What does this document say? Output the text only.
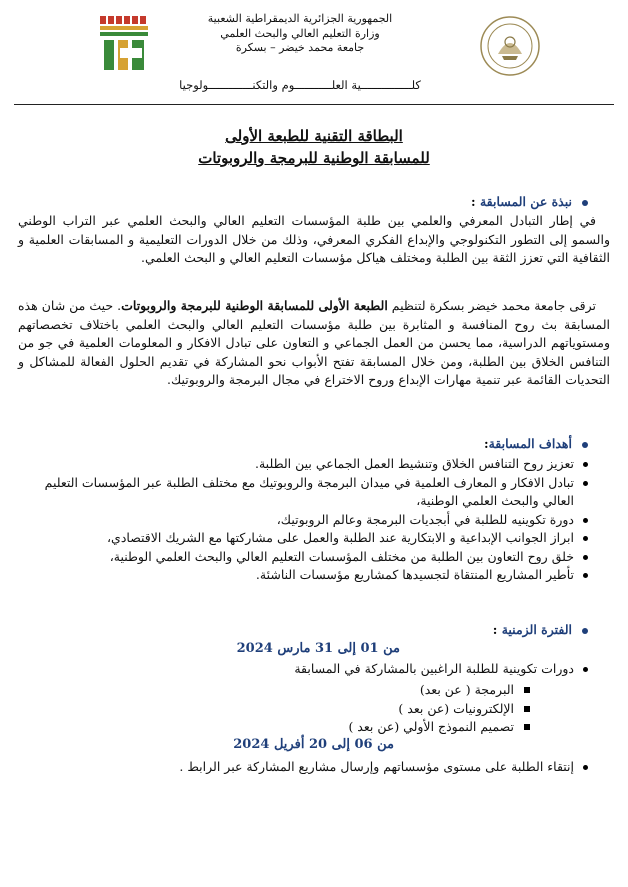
الجمهورية الجزائرية الديمقراطية الشعبية
وزارة التعليم العالي والبحث العلمي
جامعة محمد خيضر – بسكرة
كلـــــــــــــــية العلـــــــــــوم والتكنـــــــــــــولوجيا
البطاقة التقنية للطبعة الأولى
للمسابقة الوطنية للبرمجة والروبوتات
نبذة عن المسابقة :
في إطار التبادل المعرفي والعلمي بين طلبة المؤسسات التعليم العالي والبحث العلمي عبر التراب الوطني والسمو إلى التطور التكنولوجي والإبداع الفكري المعرفي، وذلك من خلال الدورات التعليمية و المسابقات العلمية و الثقافية التي تعزز الثقة بين الطلبة ومختلف هياكل مؤسسات التعليم العالي و البحث العلمي.
ترقى جامعة محمد خيضر بسكرة لتنظيم الطبعة الأولى للمسابقة الوطنية للبرمجة والروبوتات. حيث من شان هذه المسابقة بث روح المنافسة و المثابرة بين طلبة مؤسسات التعليم العالي والبحث العلمي باختلاف تخصصاتهم ومستوياتهم الدراسية، مما يحسن من العمل الجماعي و التعاون على تبادل الافكار و المعلومات العلمية في جو من التنافس الخلاق بين الطلبة، ومن خلال المسابقة تفتح الأبواب نحو المشاركة في تقديم الحلول الفعالة للمشاكل و التحديات القائمة عبر تنمية مهارات الإبداع وروح الاختراع في مجال البرمجة والروبوتيك.
أهداف المسابقة:
تعزيز روح التنافس الخلاق وتنشيط العمل الجماعي بين الطلبة.
تبادل الافكار و المعارف العلمية في ميدان البرمجة والروبوتيك مع مختلف الطلبة عبر المؤسسات التعليم العالي والبحث العلمي الوطنية،
دورة تكوينيه للطلبة في أبجديات البرمجة وعالم الروبوتيك،
ابراز الجوانب الإبداعية و الابتكارية عند الطلبة والعمل على مشاركتها مع الشريك الاقتصادي،
خلق روح التعاون بين الطلبة من مختلف المؤسسات التعليم العالي والبحث العلمي الوطنية،
تأطير المشاريع المنتقاة لتجسيدها كمشاريع مؤسسات الناشئة.
الفترة الزمنية :
من 01 إلى 31 مارس 2024
دورات تكوينية للطلبة الراغبين بالمشاركة في المسابقة
البرمجة ( عن بعد)
الإلكترونيات (عن بعد )
تصميم النموذج الأولي (عن بعد )
من 06 إلى 20 أفريل 2024
إنتقاء الطلبة على مستوى مؤسساتهم وإرسال مشاريع المشاركة عبر الرابط .
